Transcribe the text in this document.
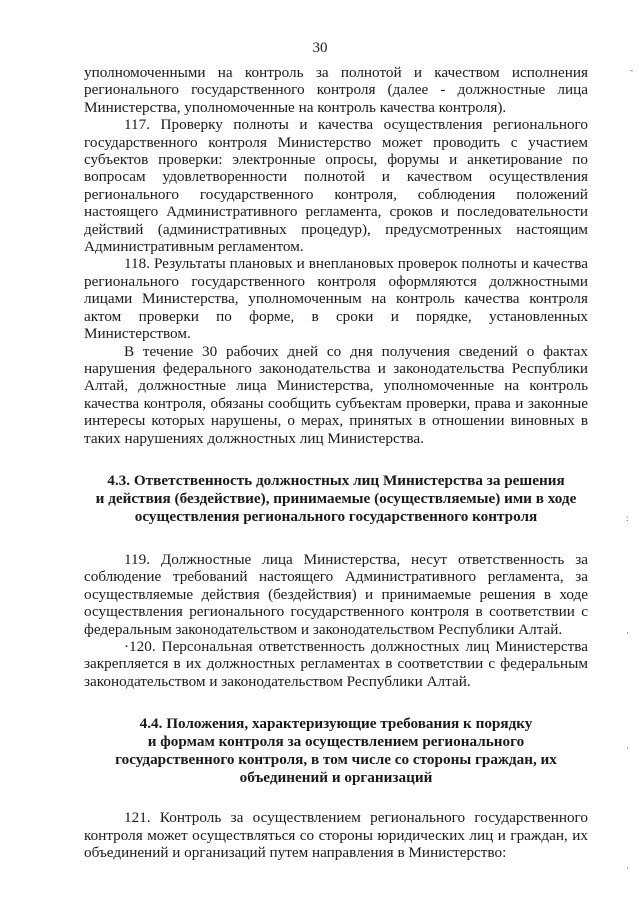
30

уполномоченными на контроль за полнотой и качеством исполнения регионального государственного контроля (далее - должностные лица Министерства, уполномоченные на контроль качества контроля).

117. Проверку полноты и качества осуществления регионального государственного контроля Министерство может проводить с участием субъектов проверки: электронные опросы, форумы и анкетирование по вопросам удовлетворенности полнотой и качеством осуществления регионального государственного контроля, соблюдения положений настоящего Административного регламента, сроков и последовательности действий (административных процедур), предусмотренных настоящим Административным регламентом.

118. Результаты плановых и внеплановых проверок полноты и качества регионального государственного контроля оформляются должностными лицами Министерства, уполномоченным на контроль качества контроля актом проверки по форме, в сроки и порядке, установленных Министерством.

В течение 30 рабочих дней со дня получения сведений о фактах нарушения федерального законодательства и законодательства Республики Алтай, должностные лица Министерства, уполномоченные на контроль качества контроля, обязаны сообщить субъектам проверки, права и законные интересы которых нарушены, о мерах, принятых в отношении виновных в таких нарушениях должностных лиц Министерства.

4.3. Ответственность должностных лиц Министерства за решения

и действия (бездействие), принимаемые (осуществляемые) ими в ходе

осуществления регионального государственного контроля

119. Должностные лица Министерства, несут ответственность за соблюдение требований настоящего Административного регламента, за осуществляемые действия (бездействия) и принимаемые решения в ходе осуществления регионального государственного контроля в соответствии с федеральным законодательством и законодательством Республики Алтай.

·120. Персональная ответственность должностных лиц Министерства закрепляется в их должностных регламентах в соответствии с федеральным законодательством и законодательством Республики Алтай.

4.4. Положения, характеризующие требования к порядку

и формам контроля за осуществлением регионального

государственного контроля, в том числе со стороны граждан, их

объединений и организаций

121. Контроль за осуществлением регионального государственного контроля может осуществляться со стороны юридических лиц и граждан, их объединений и организаций путем направления в Министерство:

-
:
·
·
·
